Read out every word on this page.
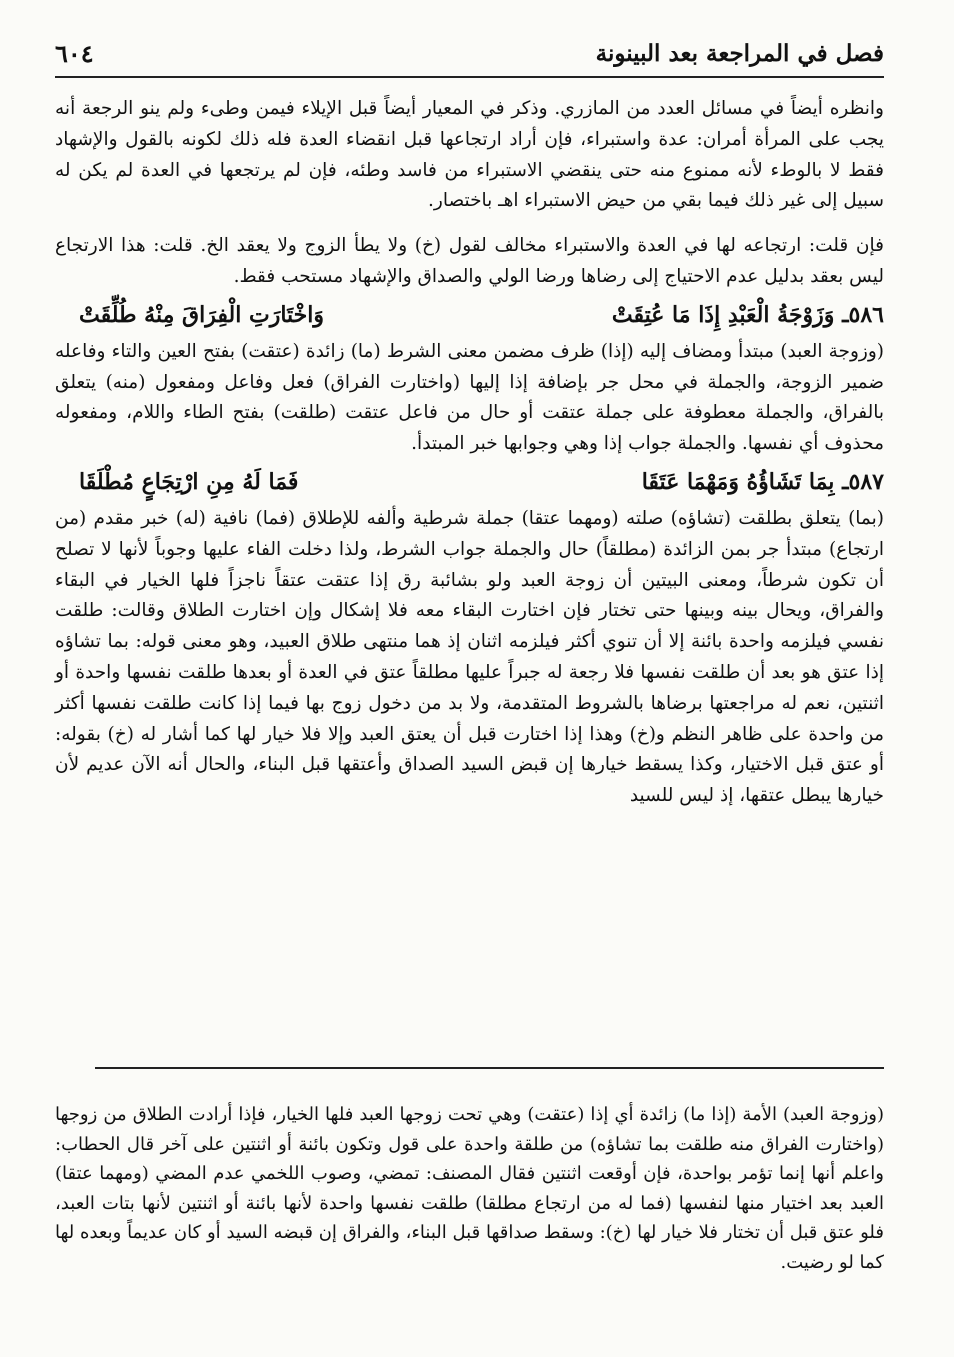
فصل في المراجعة بعد البينونة
٦٠٤

وانظره أيضاً في مسائل العدد من المازري. وذكر في المعيار أيضاً قبل الإيلاء فيمن وطىء ولم ينو الرجعة أنه يجب على المرأة أمران: عدة واستبراء، فإن أراد ارتجاعها قبل انقضاء العدة فله ذلك لكونه بالقول والإشهاد فقط لا بالوطء لأنه ممنوع منه حتى ينقضي الاستبراء من فاسد وطئه، فإن لم يرتجعها في العدة لم يكن له سبيل إلى غير ذلك فيما بقي من حيض الاستبراء اهـ باختصار.

فإن قلت: ارتجاعه لها في العدة والاستبراء مخالف لقول (خ) ولا يطأ الزوج ولا يعقد الخ. قلت: هذا الارتجاع ليس بعقد بدليل عدم الاحتياج إلى رضاها ورضا الولي والصداق والإشهاد مستحب فقط.

٥٨٦ـ وَزَوْجَةُ الْعَبْدِ إِذَا مَا عُتِقَتْ
وَاخْتَارَتِ الْفِرَاقَ مِنْهُ طُلِّقَتْ

(وزوجة العبد) مبتدأ ومضاف إليه (إذا) ظرف مضمن معنى الشرط (ما) زائدة (عتقت) بفتح العين والتاء وفاعله ضمير الزوجة، والجملة في محل جر بإضافة إذا إليها (واختارت الفراق) فعل وفاعل ومفعول (منه) يتعلق بالفراق، والجملة معطوفة على جملة عتقت أو حال من فاعل عتقت (طلقت) بفتح الطاء واللام، ومفعوله محذوف أي نفسها. والجملة جواب إذا وهي وجوابها خبر المبتدأ.

٥٨٧ـ بِمَا تَشَاؤُهُ وَمَهْمَا عَتَقَا
فَمَا لَهُ مِنِ ارْتِجَاعٍ مُطْلَقَا

(بما) يتعلق بطلقت (تشاؤه) صلته (ومهما عتقا) جملة شرطية وألفه للإطلاق (فما) نافية (له) خبر مقدم (من ارتجاع) مبتدأ جر بمن الزائدة (مطلقاً) حال والجملة جواب الشرط، ولذا دخلت الفاء عليها وجوباً لأنها لا تصلح أن تكون شرطاً، ومعنى البيتين أن زوجة العبد ولو بشائبة رق إذا عتقت عتقاً ناجزاً فلها الخيار في البقاء والفراق، ويحال بينه وبينها حتى تختار فإن اختارت البقاء معه فلا إشكال وإن اختارت الطلاق وقالت: طلقت نفسي فيلزمه واحدة بائنة إلا أن تنوي أكثر فيلزمه اثنان إذ هما منتهى طلاق العبيد، وهو معنى قوله: بما تشاؤه إذا عتق هو بعد أن طلقت نفسها فلا رجعة له جبراً عليها مطلقاً عتق في العدة أو بعدها طلقت نفسها واحدة أو اثنتين، نعم له مراجعتها برضاها بالشروط المتقدمة، ولا بد من دخول زوج بها فيما إذا كانت طلقت نفسها أكثر من واحدة على ظاهر النظم و(خ) وهذا إذا اختارت قبل أن يعتق العبد وإلا فلا خيار لها كما أشار له (خ) بقوله: أو عتق قبل الاختيار، وكذا يسقط خيارها إن قبض السيد الصداق وأعتقها قبل البناء، والحال أنه الآن عديم لأن خيارها يبطل عتقها، إذ ليس للسيد

(وزوجة العبد) الأمة (إذا ما) زائدة أي إذا (عتقت) وهي تحت زوجها العبد فلها الخيار، فإذا أرادت الطلاق من زوجها (واختارت الفراق منه طلقت بما تشاؤه) من طلقة واحدة على قول وتكون بائنة أو اثنتين على آخر قال الحطاب: واعلم أنها إنما تؤمر بواحدة، فإن أوقعت اثنتين فقال المصنف: تمضي، وصوب اللخمي عدم المضي (ومهما عتقا) العبد بعد اختيار منها لنفسها (فما له من ارتجاع مطلقا) طلقت نفسها واحدة لأنها بائنة أو اثنتين لأنها بتات العبد، فلو عتق قبل أن تختار فلا خيار لها (خ): وسقط صداقها قبل البناء، والفراق إن قبضه السيد أو كان عديماً وبعده لها كما لو رضيت.
